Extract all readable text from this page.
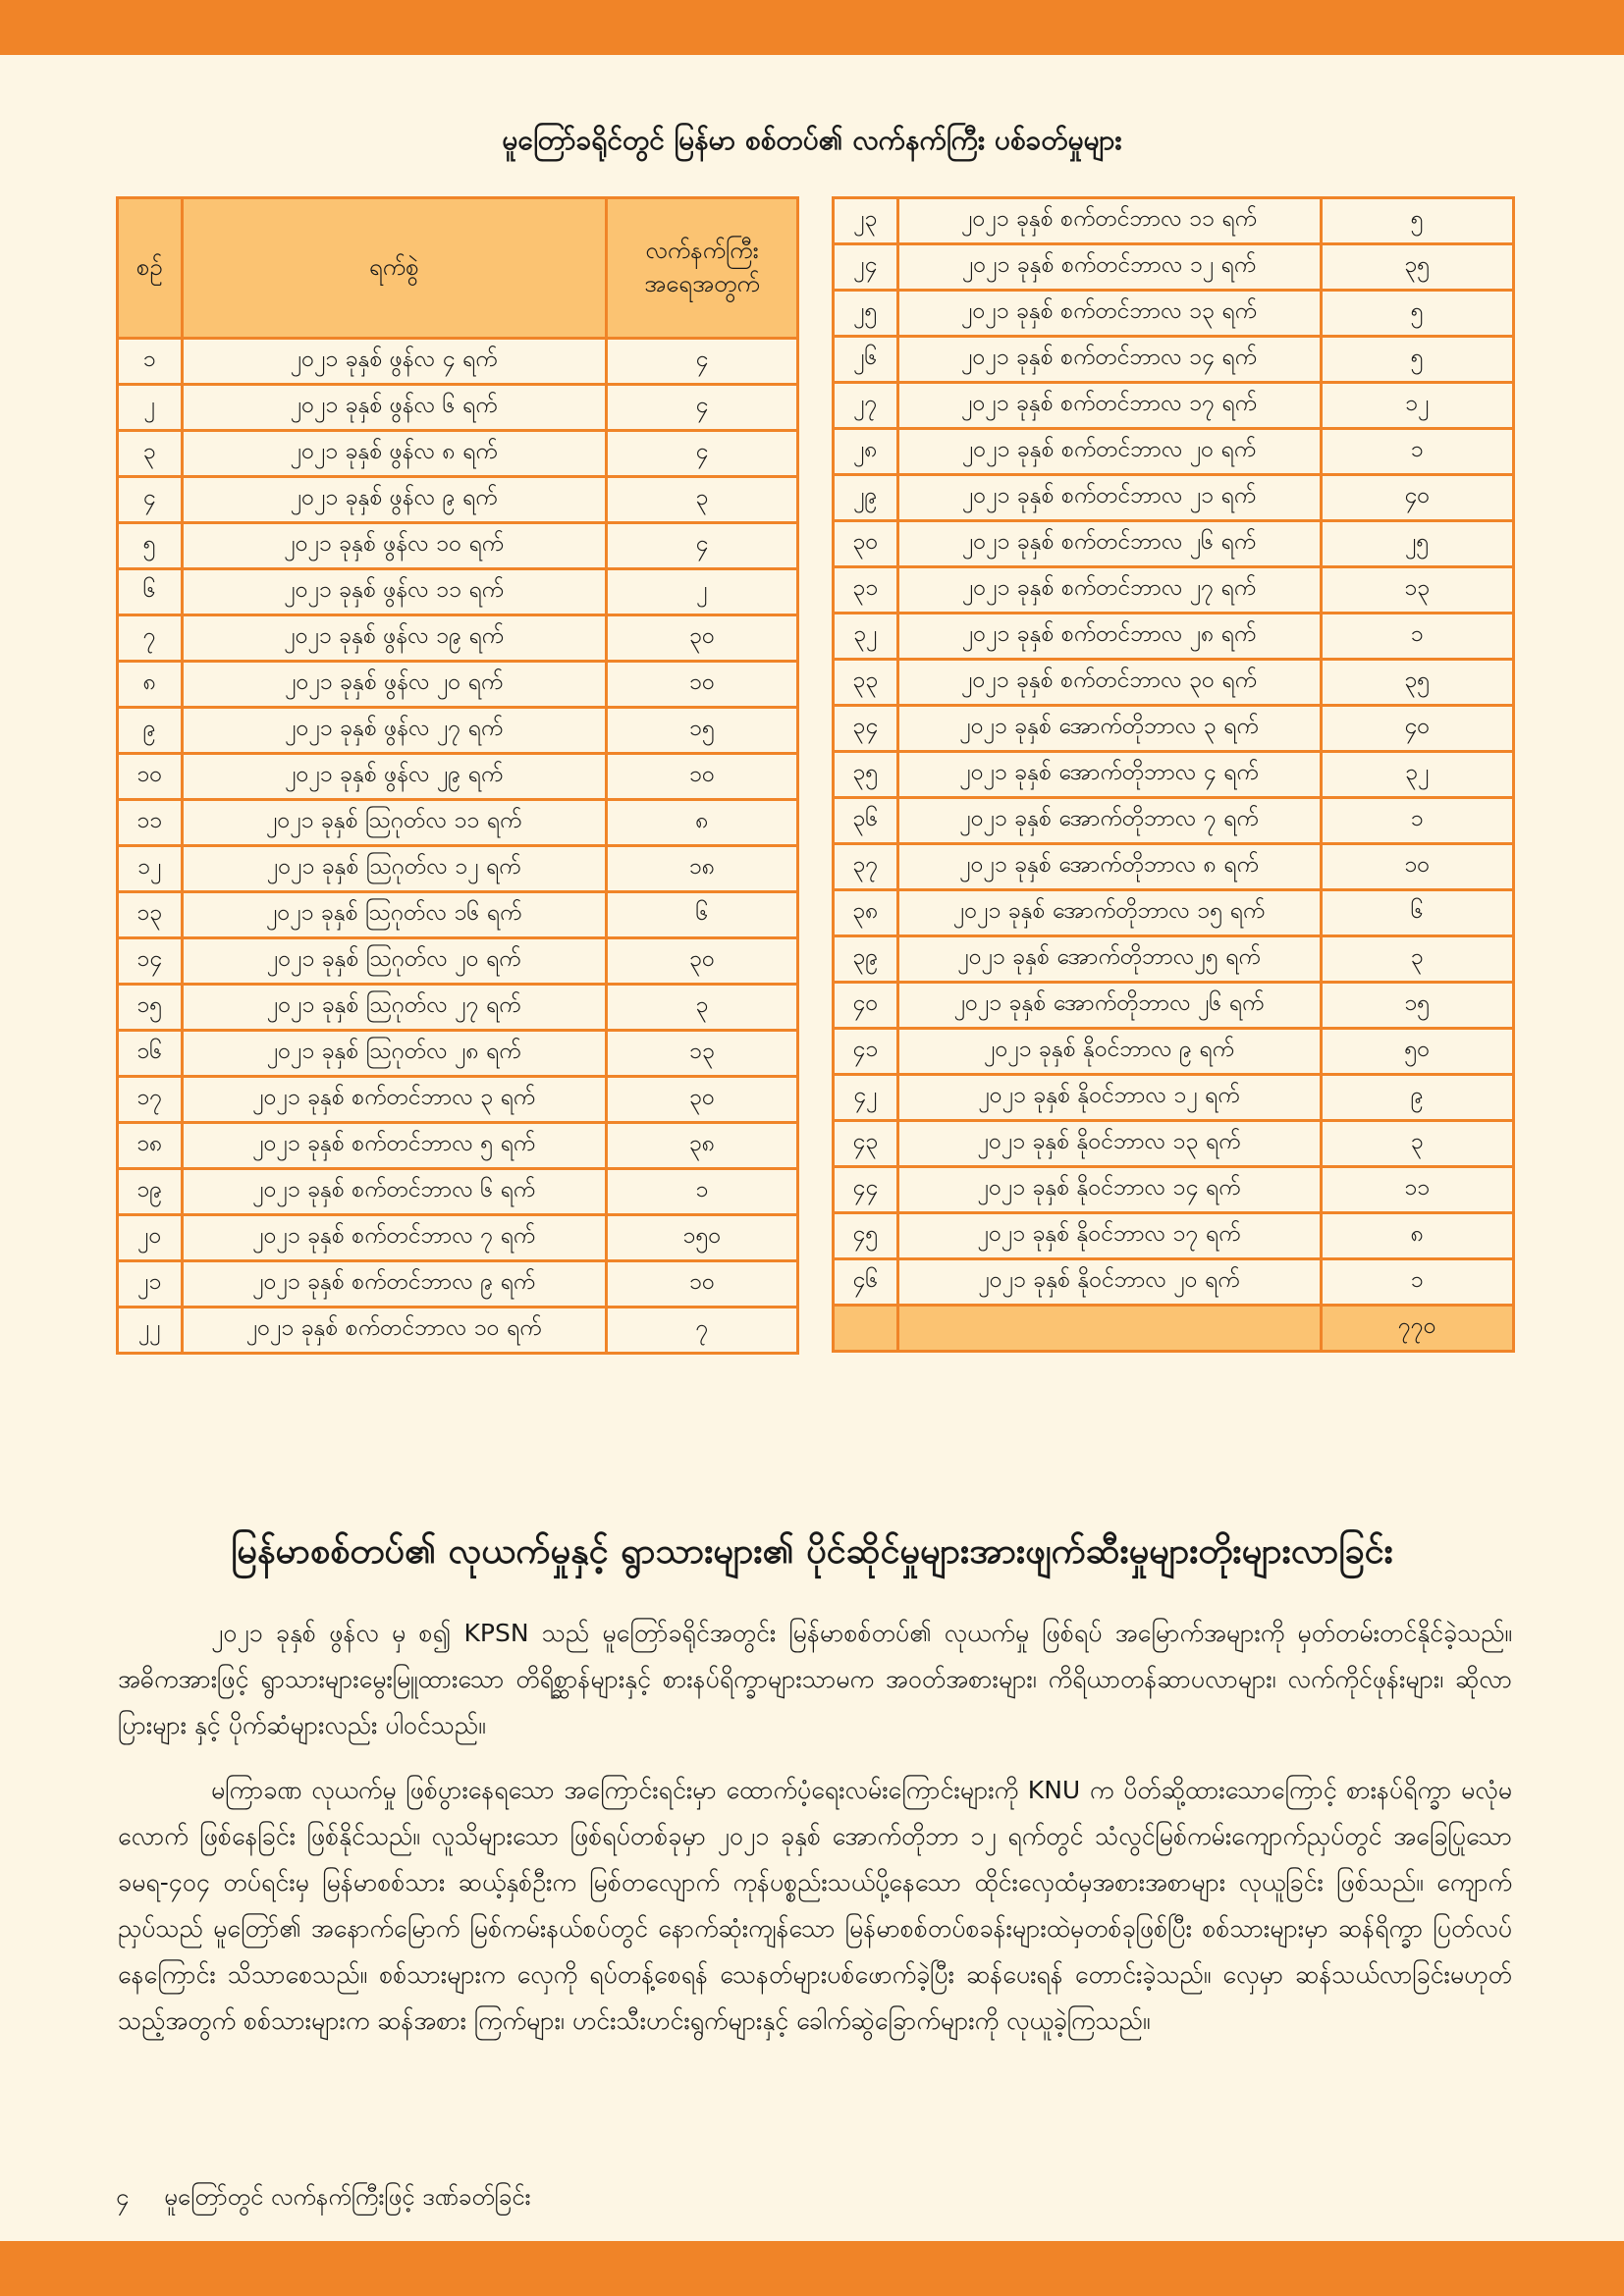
မူတြော်ခရိုင်တွင် မြန်မာ စစ်တပ်၏ လက်နက်ကြီး ပစ်ခတ်မှုများ
စဉ်	ရက်စွဲ	လက်နက်ကြီး
အရေအတွက်
၁	၂၀၂၁ ခုနှစ် ဖွန်လ ၄ ရက်	၄
၂	၂၀၂၁ ခုနှစ် ဖွန်လ ၆ ရက်	၄
၃	၂၀၂၁ ခုနှစ် ဖွန်လ ၈ ရက်	၄
၄	၂၀၂၁ ခုနှစ် ဖွန်လ ၉ ရက်	၃
၅	၂၀၂၁ ခုနှစ် ဖွန်လ ၁၀ ရက်	၄
၆	၂၀၂၁ ခုနှစ် ဖွန်လ ၁၁ ရက်	၂
၇	၂၀၂၁ ခုနှစ် ဖွန်လ ၁၉ ရက်	၃၀
၈	၂၀၂၁ ခုနှစ် ဖွန်လ ၂၀ ရက်	၁၀
၉	၂၀၂၁ ခုနှစ် ဖွန်လ ၂၇ ရက်	၁၅
၁၀	၂၀၂၁ ခုနှစ် ဖွန်လ ၂၉ ရက်	၁၀
၁၁	၂၀၂၁ ခုနှစ် ဩဂုတ်လ ၁၁ ရက်	၈
၁၂	၂၀၂၁ ခုနှစ် ဩဂုတ်လ ၁၂ ရက်	၁၈
၁၃	၂၀၂၁ ခုနှစ် ဩဂုတ်လ ၁၆ ရက်	၆
၁၄	၂၀၂၁ ခုနှစ် ဩဂုတ်လ ၂၀ ရက်	၃၀
၁၅	၂၀၂၁ ခုနှစ် ဩဂုတ်လ ၂၇ ရက်	၃
၁၆	၂၀၂၁ ခုနှစ် ဩဂုတ်လ ၂၈ ရက်	၁၃
၁၇	၂၀၂၁ ခုနှစ် စက်တင်ဘာလ ၃ ရက်	၃၀
၁၈	၂၀၂၁ ခုနှစ် စက်တင်ဘာလ ၅ ရက်	၃၈
၁၉	၂၀၂၁ ခုနှစ် စက်တင်ဘာလ ၆ ရက်	၁
၂၀	၂၀၂၁ ခုနှစ် စက်တင်ဘာလ ၇ ရက်	၁၅၀
၂၁	၂၀၂၁ ခုနှစ် စက်တင်ဘာလ ၉ ရက်	၁၀
၂၂	၂၀၂၁ ခုနှစ် စက်တင်ဘာလ ၁၀ ရက်	၇
၂၃	၂၀၂၁ ခုနှစ် စက်တင်ဘာလ ၁၁ ရက်	၅
၂၄	၂၀၂၁ ခုနှစ် စက်တင်ဘာလ ၁၂ ရက်	၃၅
၂၅	၂၀၂၁ ခုနှစ် စက်တင်ဘာလ ၁၃ ရက်	၅
၂၆	၂၀၂၁ ခုနှစ် စက်တင်ဘာလ ၁၄ ရက်	၅
၂၇	၂၀၂၁ ခုနှစ် စက်တင်ဘာလ ၁၇ ရက်	၁၂
၂၈	၂၀၂၁ ခုနှစ် စက်တင်ဘာလ ၂၀ ရက်	၁
၂၉	၂၀၂၁ ခုနှစ် စက်တင်ဘာလ ၂၁ ရက်	၄၀
၃၀	၂၀၂၁ ခုနှစ် စက်တင်ဘာလ ၂၆ ရက်	၂၅
၃၁	၂၀၂၁ ခုနှစ် စက်တင်ဘာလ ၂၇ ရက်	၁၃
၃၂	၂၀၂၁ ခုနှစ် စက်တင်ဘာလ ၂၈ ရက်	၁
၃၃	၂၀၂၁ ခုနှစ် စက်တင်ဘာလ ၃၀ ရက်	၃၅
၃၄	၂၀၂၁ ခုနှစ် အောက်တိုဘာလ ၃ ရက်	၄၀
၃၅	၂၀၂၁ ခုနှစ် အောက်တိုဘာလ ၄ ရက်	၃၂
၃၆	၂၀၂၁ ခုနှစ် အောက်တိုဘာလ ၇ ရက်	၁
၃၇	၂၀၂၁ ခုနှစ် အောက်တိုဘာလ ၈ ရက်	၁၀
၃၈	၂၀၂၁ ခုနှစ် အောက်တိုဘာလ ၁၅ ရက်	၆
၃၉	၂၀၂၁ ခုနှစ် အောက်တိုဘာလ၂၅ ရက်	၃
၄၀	၂၀၂၁ ခုနှစ် အောက်တိုဘာလ ၂၆ ရက်	၁၅
၄၁	၂၀၂၁ ခုနှစ် နိုဝင်ဘာလ ၉ ရက်	၅၀
၄၂	၂၀၂၁ ခုနှစ် နိုဝင်ဘာလ ၁၂ ရက်	၉
၄၃	၂၀၂၁ ခုနှစ် နိုဝင်ဘာလ ၁၃ ရက်	၃
၄၄	၂၀၂၁ ခုနှစ် နိုဝင်ဘာလ ၁၄ ရက်	၁၁
၄၅	၂၀၂၁ ခုနှစ် နိုဝင်ဘာလ ၁၇ ရက်	၈
၄၆	၂၀၂၁ ခုနှစ် နိုဝင်ဘာလ ၂၀ ရက်	၁
		၇၇၀
မြန်မာစစ်တပ်၏ လုယက်မှုနှင့် ရွာသားများ၏ ပိုင်ဆိုင်မှုများအားဖျက်ဆီးမှုများတိုးများလာခြင်း

၂၀၂၁ ခုနှစ် ဖွန်လ မှ စ၍ KPSN သည် မူတြော်ခရိုင်အတွင်း မြန်မာစစ်တပ်၏ လုယက်မှု ဖြစ်ရပ် အမြောက်အများကို မှတ်တမ်းတင်နိုင်ခဲ့သည်။ အဓိကအားဖြင့် ရွာသားများမွေးမြူထားသော တိရိစ္ဆာန်များနှင့် စားနပ်ရိက္ခာများသာမက အဝတ်အစားများ၊ ကိရိယာတန်ဆာပလာများ၊ လက်ကိုင်ဖုန်းများ၊ ဆိုလာပြားများ နှင့် ပိုက်ဆံများလည်း ပါဝင်သည်။

မကြာခဏ လုယက်မှု ဖြစ်ပွားနေရသော အကြောင်းရင်းမှာ ထောက်ပံ့ရေးလမ်းကြောင်းများကို KNU က ပိတ်ဆို့ထားသောကြောင့် စားနပ်ရိက္ခာ မလုံမလောက် ဖြစ်နေခြင်း ဖြစ်နိုင်သည်။ လူသိများသော ဖြစ်ရပ်တစ်ခုမှာ ၂၀၂၁ ခုနှစ် အောက်တိုဘာ ၁၂ ရက်တွင် သံလွင်မြစ်ကမ်းကျောက်ညှပ်တွင် အခြေပြုသော ခမရ-၄၀၄ တပ်ရင်းမှ မြန်မာစစ်သား ဆယ့်နှစ်ဦးက မြစ်တလျောက် ကုန်ပစ္စည်းသယ်ပို့နေသော ထိုင်းလှေထံမှအစားအစာများ လုယူခြင်း ဖြစ်သည်။ ကျောက်ညှပ်သည် မူတြော်၏ အနောက်မြောက် မြစ်ကမ်းနယ်စပ်တွင် နောက်ဆုံးကျန်သော မြန်မာစစ်တပ်စခန်းများထဲမှတစ်ခုဖြစ်ပြီး စစ်သားများမှာ ဆန်ရိက္ခာ ပြတ်လပ်နေကြောင်း သိသာစေသည်။ စစ်သားများက လှေကို ရပ်တန့်စေရန် သေနတ်များပစ်ဖောက်ခဲ့ပြီး ဆန်ပေးရန် တောင်းခဲ့သည်။ လှေမှာ ဆန်သယ်လာခြင်းမဟုတ်သည့်အတွက် စစ်သားများက ဆန်အစား ကြက်များ၊ ဟင်းသီးဟင်းရွက်များနှင့် ခေါက်ဆွဲခြောက်များကို လုယူခဲ့ကြသည်။

၄ မူတြော်တွင် လက်နက်ကြီးဖြင့် ဒဏ်ခတ်ခြင်း
